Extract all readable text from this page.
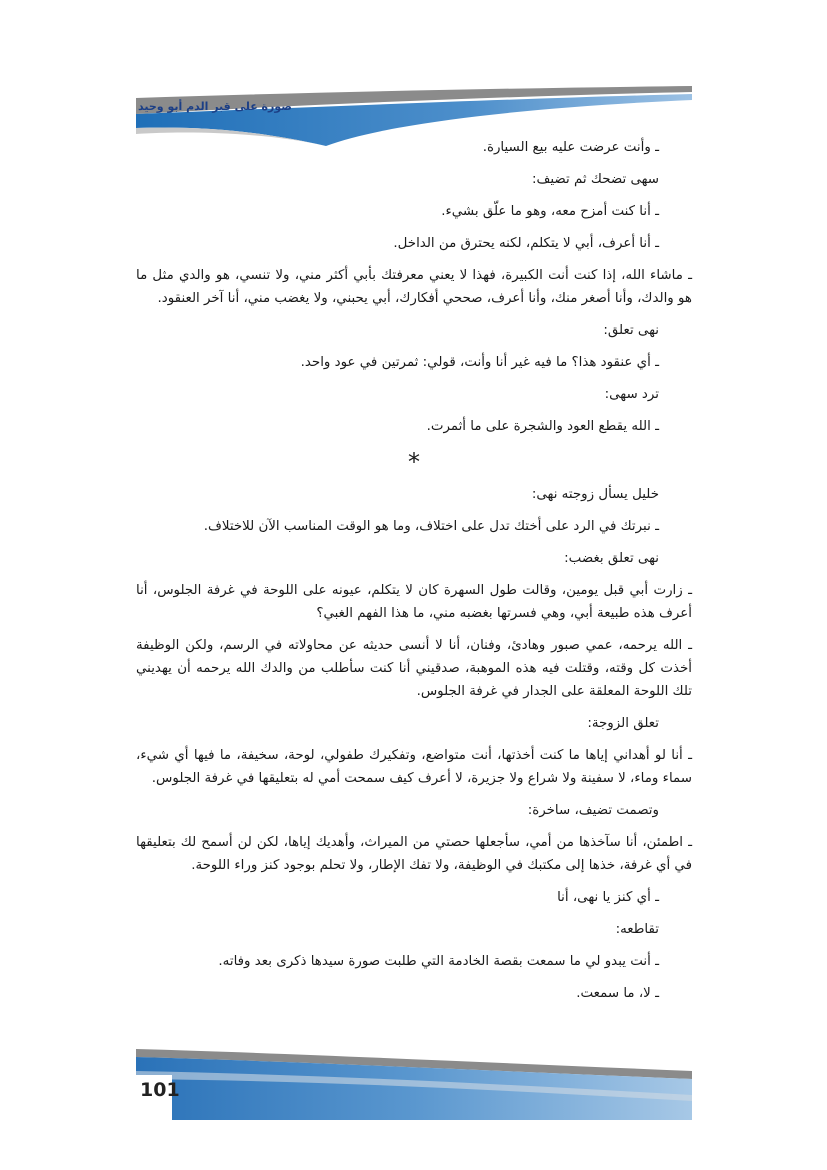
صورة على قبر الدم أبو وحيد

ـ وأنت عرضت عليه بيع السيارة.

سهى تضحك ثم تضيف:

ـ أنا كنت أمزح معه، وهو ما علّق بشيء.

ـ أنا أعرف، أبي لا يتكلم، لكنه يحترق من الداخل.

ـ ماشاء الله، إذا كنت أنت الكبيرة، فهذا لا يعني معرفتك بأبي أكثر مني، ولا تنسي، هو والدي مثل ما هو والدك، وأنا أصغر منك، وأنا أعرف، صححي أفكارك، أبي يحبني، ولا يغضب مني، أنا آخر العنقود.

نهى تعلق:

ـ أي عنقود هذا؟ ما فيه غير أنا وأنت، قولي: ثمرتين في عود واحد.

ترد سهى:

ـ الله يقطع العود والشجرة على ما أثمرت.

*

خليل يسأل زوجته نهى:

ـ نبرتك في الرد على أختك تدل على اختلاف، وما هو الوقت المناسب الآن للاختلاف.

نهى تعلق بغضب:

ـ زارت أبي قبل يومين، وقالت طول السهرة كان لا يتكلم، عيونه على اللوحة في غرفة الجلوس، أنا أعرف هذه طبيعة أبي، وهي فسرتها بغضبه مني، ما هذا الفهم الغبي؟

ـ الله يرحمه، عمي صبور وهادئ، وفنان، أنا لا أنسى حديثه عن محاولاته في الرسم، ولكن الوظيفة أخذت كل وقته، وقتلت فيه هذه الموهبة، صدقيني أنا كنت سأطلب من والدك الله يرحمه أن يهديني تلك اللوحة المعلقة على الجدار في غرفة الجلوس.

تعلق الزوجة:

ـ أنا لو أهداني إياها ما كنت أخذتها، أنت متواضع، وتفكيرك طفولي، لوحة، سخيفة، ما فيها أي شيء، سماء وماء، لا سفينة ولا شراع ولا جزيرة، لا أعرف كيف سمحت أمي له بتعليقها في غرفة الجلوس.

وتصمت تضيف، ساخرة:

ـ اطمئن، أنا سآخذها من أمي، سأجعلها حصتي من الميراث، وأهديك إياها، لكن لن أسمح لك بتعليقها في أي غرفة، خذها إلى مكتبك في الوظيفة، ولا تفك الإطار، ولا تحلم بوجود كنز وراء اللوحة.

ـ أي كنز يا نهى، أنا

تقاطعه:

ـ أنت يبدو لي ما سمعت بقصة الخادمة التي طلبت صورة سيدها ذكرى بعد وفاته.

ـ لا، ما سمعت.

101
